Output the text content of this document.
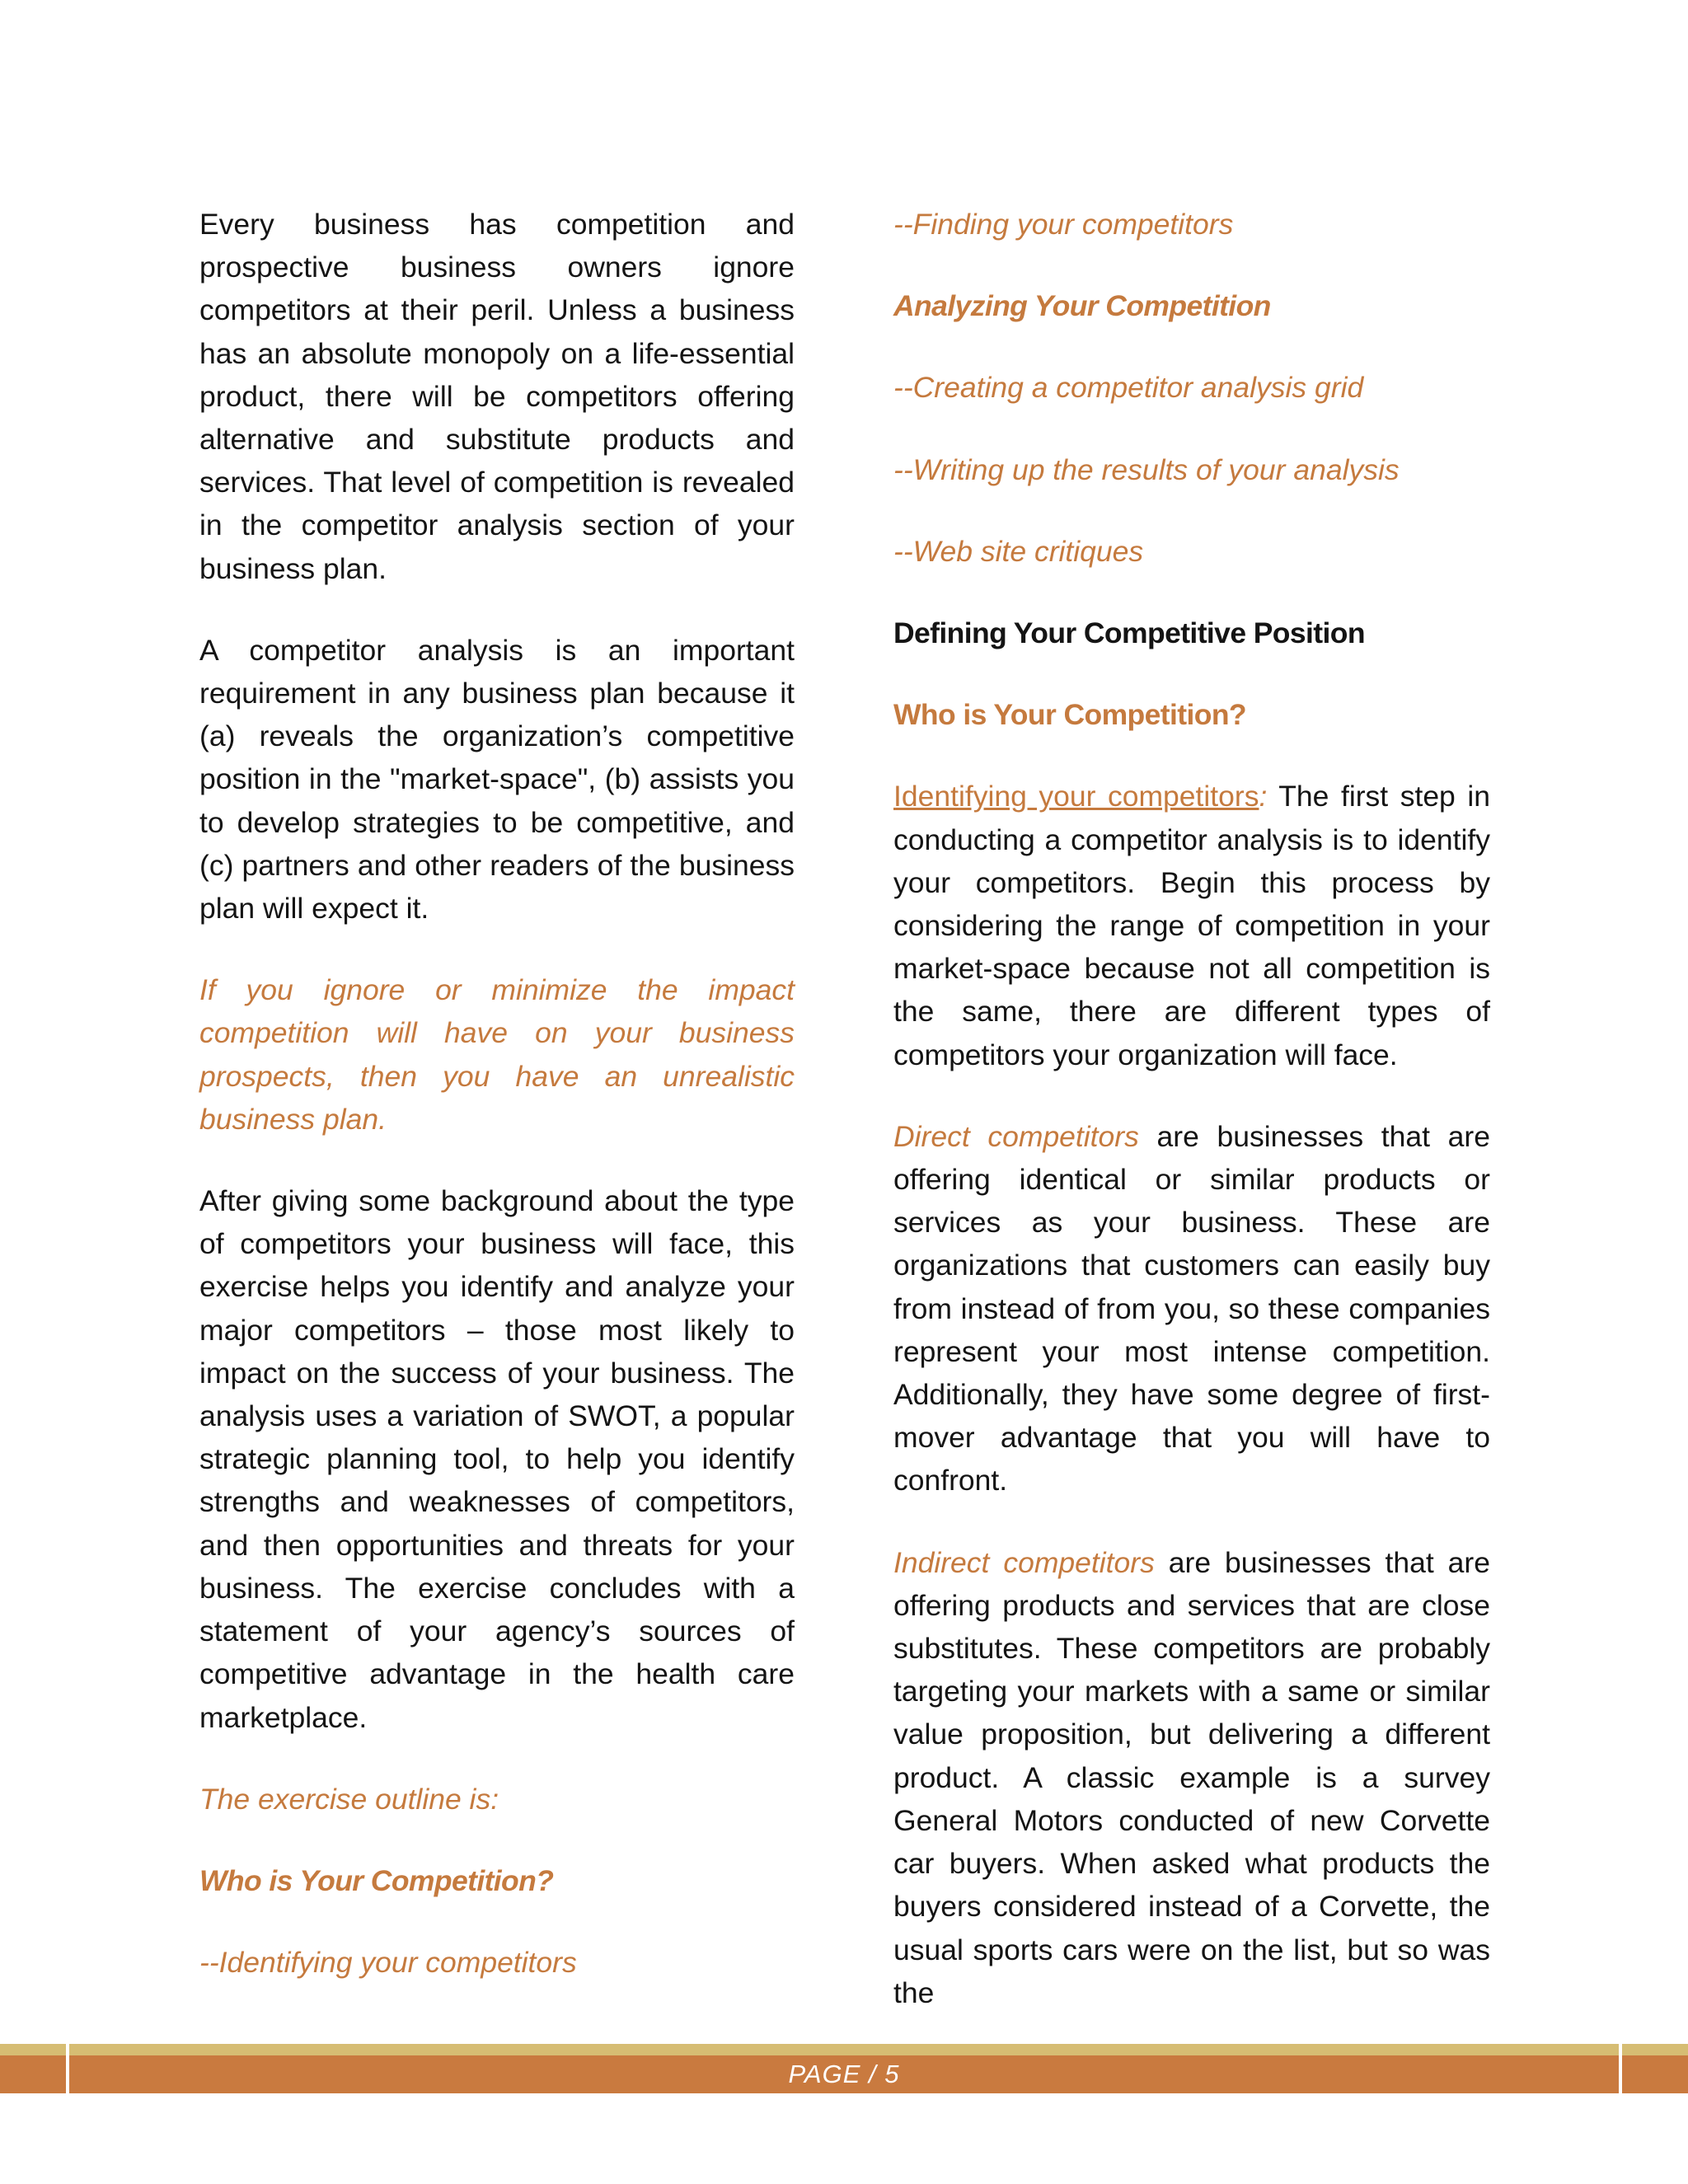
Every business has competition and prospective business owners ignore competitors at their peril. Unless a business has an absolute monopoly on a life-essential product, there will be competitors offering alternative and substitute products and services. That level of competition is revealed in the competitor analysis section of your business plan.

A competitor analysis is an important requirement in any business plan because it (a) reveals the organization’s competitive position in the "market-space", (b) assists you to develop strategies to be competitive, and (c) partners and other readers of the business plan will expect it.

If you ignore or minimize the impact competition will have on your business prospects, then you have an unrealistic business plan.

After giving some background about the type of competitors your business will face, this exercise helps you identify and analyze your major competitors – those most likely to impact on the success of your business. The analysis uses a variation of SWOT, a popular strategic planning tool, to help you identify strengths and weaknesses of competitors, and then opportunities and threats for your business. The exercise concludes with a statement of your agency’s sources of competitive advantage in the health care marketplace.

The exercise outline is:

Who is Your Competition?

--Identifying your competitors

--Finding your competitors

Analyzing Your Competition

--Creating a competitor analysis grid

--Writing up the results of your analysis

--Web site critiques

Defining Your Competitive Position

Who is Your Competition?

Identifying your competitors: The first step in conducting a competitor analysis is to identify your competitors. Begin this process by considering the range of competition in your market-space because not all competition is the same, there are different types of competitors your organization will face.

Direct competitors are businesses that are offering identical or similar products or services as your business. These are organizations that customers can easily buy from instead of from you, so these companies represent your most intense competition. Additionally, they have some degree of first-mover advantage that you will have to confront.

Indirect competitors are businesses that are offering products and services that are close substitutes. These competitors are probably targeting your markets with a same or similar value proposition, but delivering a different product. A classic example is a survey General Motors conducted of new Corvette car buyers. When asked what products the buyers considered instead of a Corvette, the usual sports cars were on the list, but so was the

PAGE / 5
